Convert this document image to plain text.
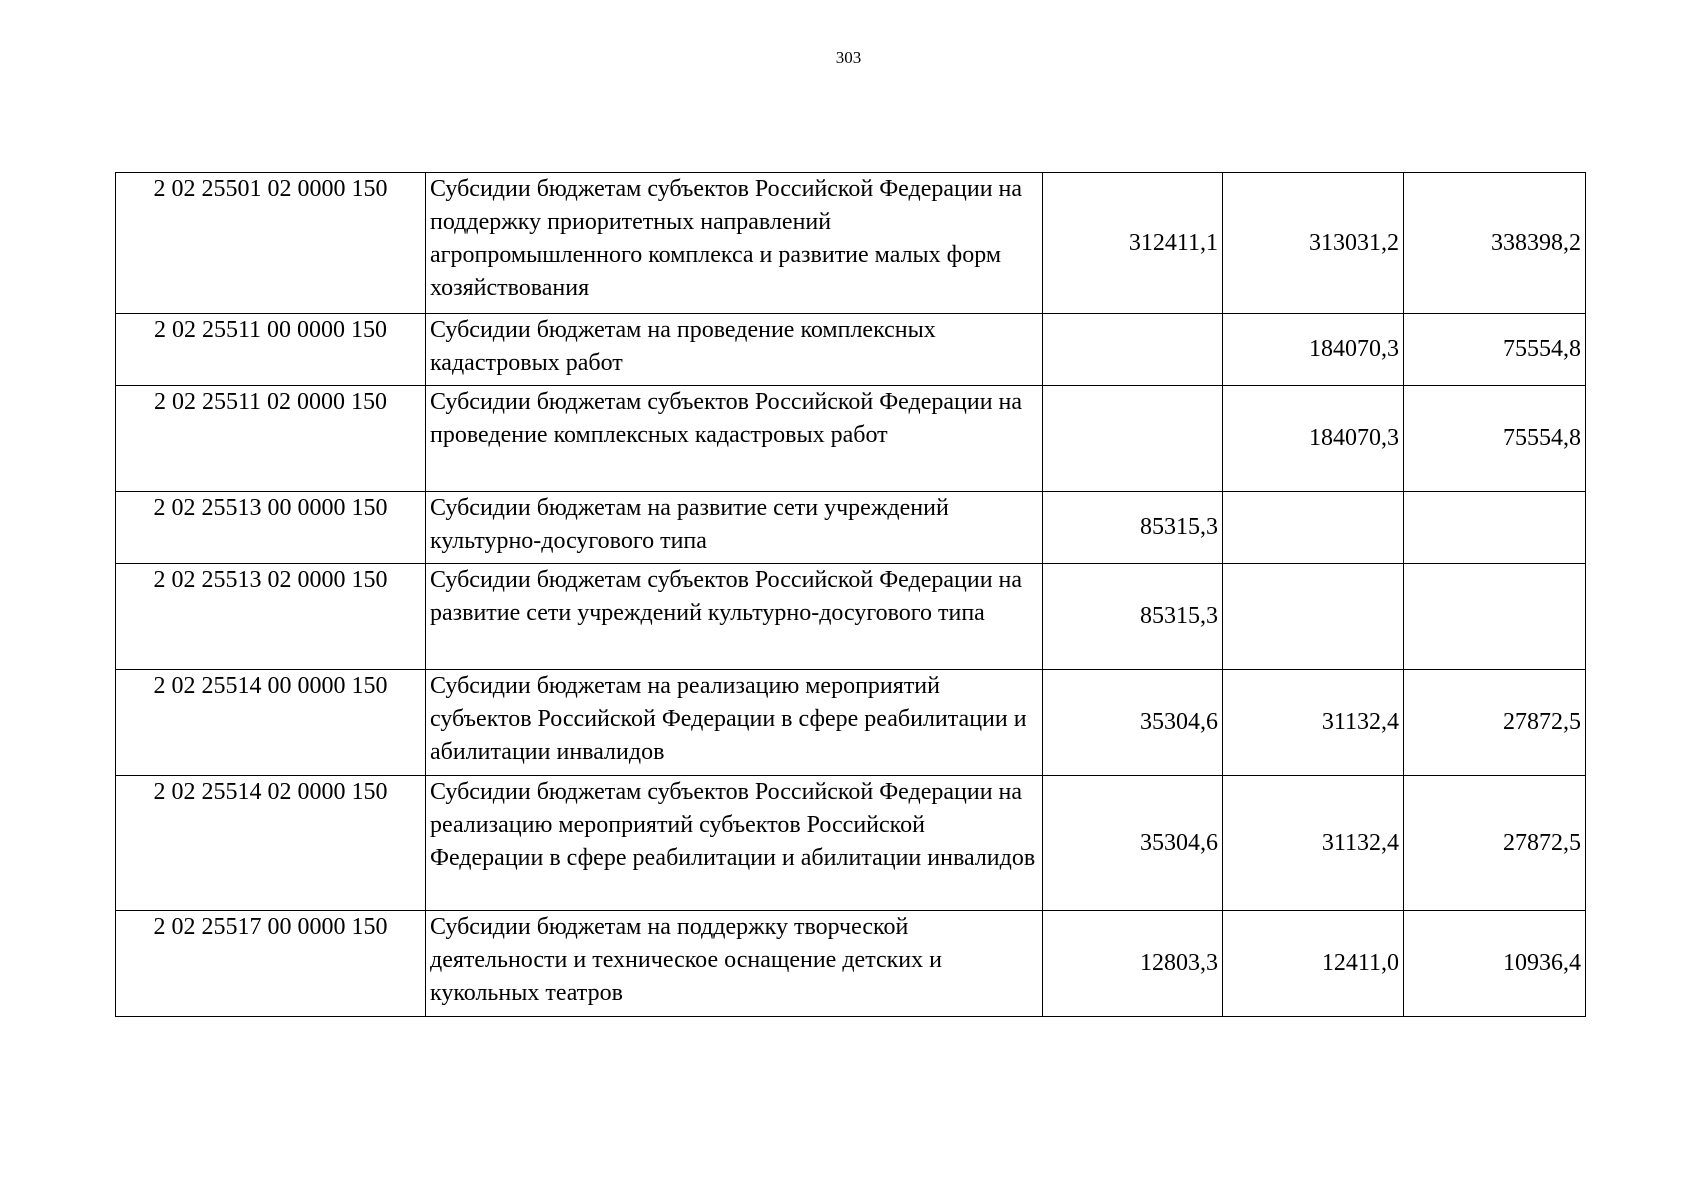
303
2 02 25501 02 0000 150	Субсидии бюджетам субъектов Российской Федерации на поддержку приоритетных направлений агропромышленного комплекса и развитие малых форм хозяйствования	312411,1	313031,2	338398,2
2 02 25511 00 0000 150	Субсидии бюджетам на проведение комплексных кадастровых работ		184070,3	75554,8
2 02 25511 02 0000 150	Субсидии бюджетам субъектов Российской Федерации на проведение комплексных кадастровых работ		184070,3	75554,8
2 02 25513 00 0000 150	Субсидии бюджетам на развитие сети учреждений культурно-досугового типа	85315,3		
2 02 25513 02 0000 150	Субсидии бюджетам субъектов Российской Федерации на развитие сети учреждений культурно-досугового типа	85315,3		
2 02 25514 00 0000 150	Субсидии бюджетам на реализацию мероприятий субъектов Российской Федерации в сфере реабилитации и абилитации инвалидов	35304,6	31132,4	27872,5
2 02 25514 02 0000 150	Субсидии бюджетам субъектов Российской Федерации на реализацию мероприятий субъектов Российской Федерации в сфере реабилитации и абилитации инвалидов	35304,6	31132,4	27872,5
2 02 25517 00 0000 150	Субсидии бюджетам на поддержку творческой деятельности и техническое оснащение детских и кукольных театров	12803,3	12411,0	10936,4
